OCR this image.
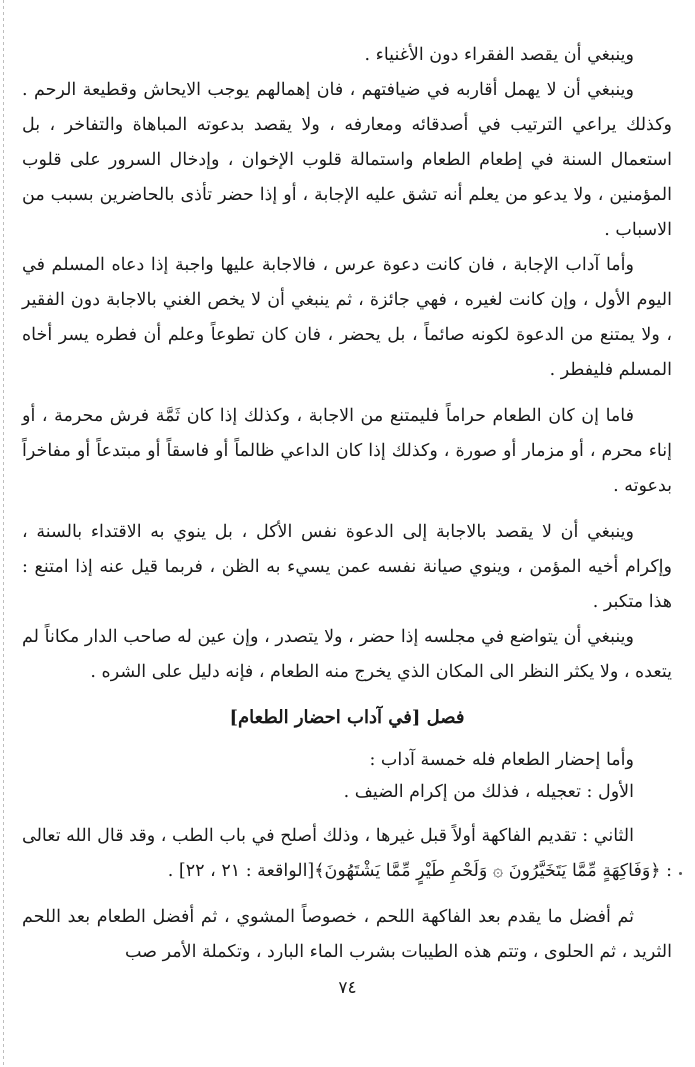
وينبغي أن يقصد الفقراء دون الأغنياء .

وينبغي أن لا يهمل أقاربه في ضيافتهم ، فان إهمالهم يوجب الايحاش وقطيعة الرحم . وكذلك يراعي الترتيب في أصدقائه ومعارفه ، ولا يقصد بدعوته المباهاة والتفاخر ، بل استعمال السنة في إطعام الطعام واستمالة قلوب الإخوان ، وإدخال السرور على قلوب المؤمنين ، ولا يدعو من يعلم أنه تشق عليه الإجابة ، أو إذا حضر تأذى بالحاضرين بسبب من الاسباب .

وأما آداب الإجابة ، فان كانت دعوة عرس ، فالاجابة عليها واجبة إذا دعاه المسلم في اليوم الأول ، وإن كانت لغيره ، فهي جائزة ، ثم ينبغي أن لا يخص الغني بالاجابة دون الفقير ، ولا يمتنع من الدعوة لكونه صائماً ، بل يحضر ، فان كان تطوعاً وعلم أن فطره يسر أخاه المسلم فليفطر .

فاما إن كان الطعام حراماً فليمتنع من الاجابة ، وكذلك إذا كان ثَمَّة فرش محرمة ، أو إناء محرم ، أو مزمار أو صورة ، وكذلك إذا كان الداعي ظالماً أو فاسقاً أو مبتدعاً أو مفاخراً بدعوته .

وينبغي أن لا يقصد بالاجابة إلى الدعوة نفس الأكل ، بل ينوي به الاقتداء بالسنة ، وإكرام أخيه المؤمن ، وينوي صيانة نفسه عمن يسيء به الظن ، فربما قيل عنه إذا امتنع : هذا متكبر .

وينبغي أن يتواضع في مجلسه إذا حضر ، ولا يتصدر ، وإن عين له صاحب الدار مكاناً لم يتعده ، ولا يكثر النظر الى المكان الذي يخرج منه الطعام ، فإنه دليل على الشره .

فصل [في آداب احضار الطعام]

وأما إحضار الطعام فله خمسة آداب :

الأول : تعجيله ، فذلك من إكرام الضيف .

الثاني : تقديم الفاكهة أولاً قبل غيرها ، وذلك أصلح في باب الطب ، وقد قال الله تعالى : ﴿وَفَاكِهَةٍ مِّمَّا يَتَخَيَّرُونَ ۞ وَلَحْمِ طَيْرٍ مِّمَّا يَشْتَهُونَ﴾[الواقعة : ٢١ ، ٢٢] .

ثم أفضل ما يقدم بعد الفاكهة اللحم ، خصوصاً المشوي ، ثم أفضل الطعام بعد اللحم الثريد ، ثم الحلوى ، وتتم هذه الطيبات بشرب الماء البارد ، وتكملة الأمر صب

٧٤
